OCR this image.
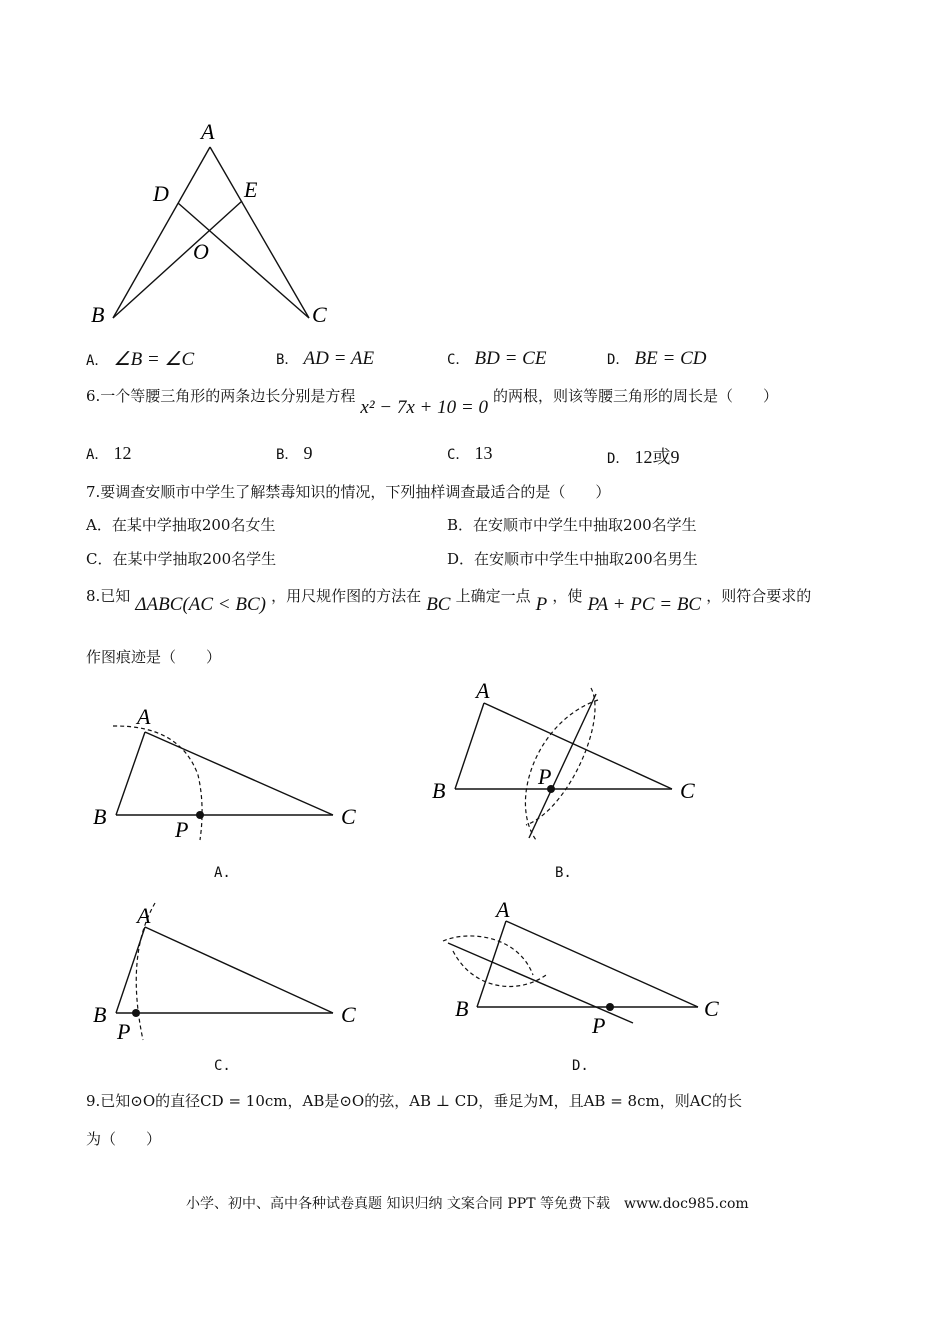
A
D	E
O
B	C
A． ∠B = ∠C	B． AD = AE	C． BD = CE	D． BE = CD
6.一个等腰三角形的两条边长分别是方程 x² − 7x + 10 = 0 的两根，则该等腰三角形的周长是（　　）
A． 12	B． 9	C． 13	D． 12或9
7.要调查安顺市中学生了解禁毒知识的情况，下列抽样调查最适合的是（　　）
A．在某中学抽取200名女生	B．在安顺市中学生中抽取200名学生
C．在某中学抽取200名学生	D．在安顺市中学生中抽取200名男生
8.已知 ΔABC(AC < BC) ，用尺规作图的方法在 BC 上确定一点 P ，使 PA + PC = BC ，则符合要求的
作图痕迹是（　　）
A
B	C
P
A.
A
B	C
P
B.
A
B	C
P
C.
A
B	C
P
D.
9.已知⊙O的直径CD = 10cm，AB是⊙O的弦，AB ⊥ CD，垂足为M，且AB = 8cm，则AC的长
为（　　）
小学、初中、高中各种试卷真题 知识归纳 文案合同 PPT 等免费下载　www.doc985.com
